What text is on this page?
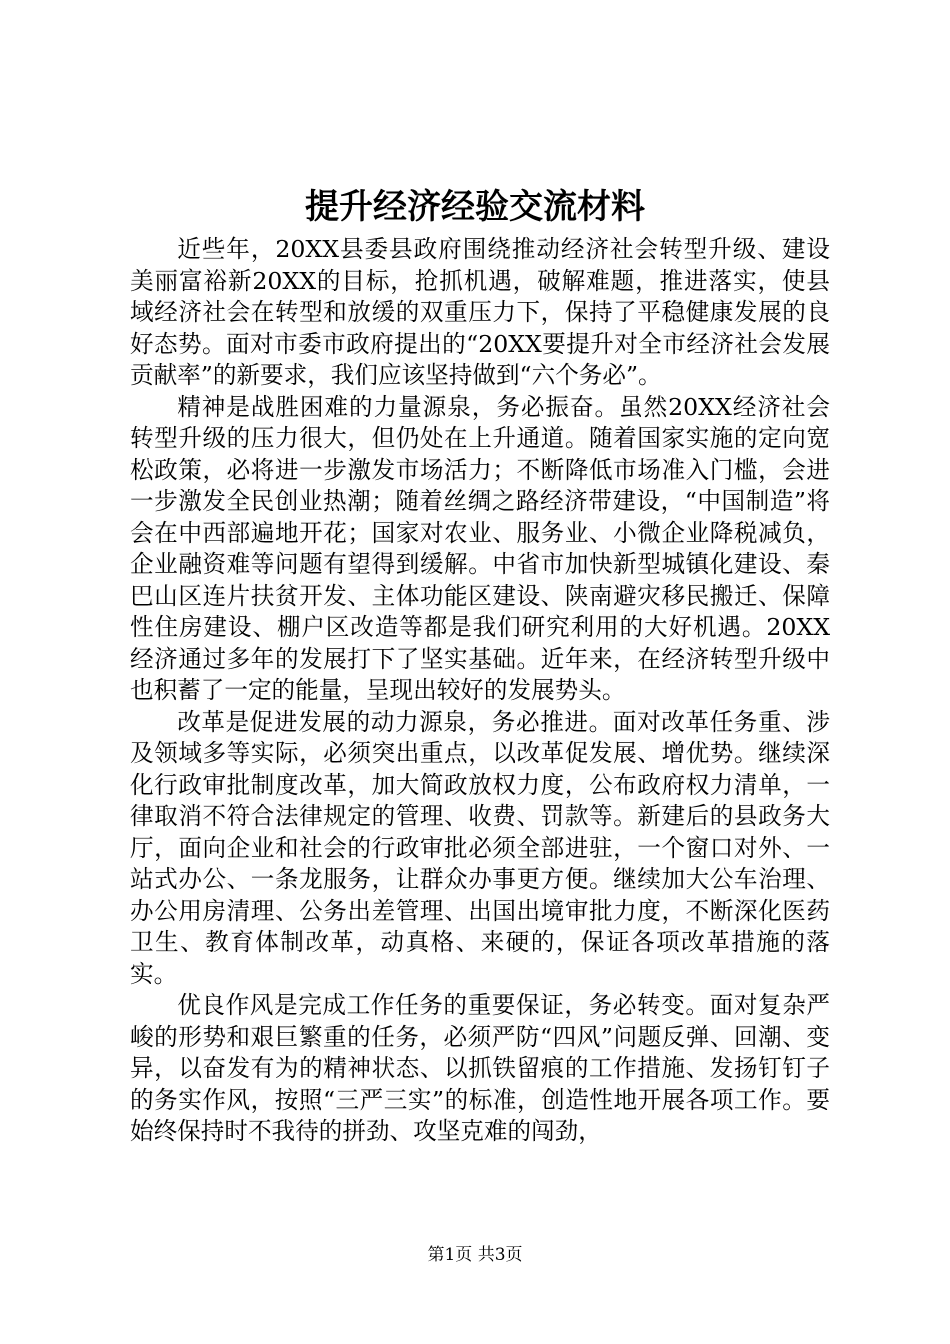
提升经济经验交流材料

近些年，20XX县委县政府围绕推动经济社会转型升级、建设美丽富裕新20XX的目标，抢抓机遇，破解难题，推进落实，使县域经济社会在转型和放缓的双重压力下，保持了平稳健康发展的良好态势。面对市委市政府提出的“20XX要提升对全市经济社会发展贡献率”的新要求，我们应该坚持做到“六个务必”。

精神是战胜困难的力量源泉，务必振奋。虽然20XX经济社会转型升级的压力很大，但仍处在上升通道。随着国家实施的定向宽松政策，必将进一步激发市场活力；不断降低市场准入门槛，会进一步激发全民创业热潮；随着丝绸之路经济带建设，“中国制造”将会在中西部遍地开花；国家对农业、服务业、小微企业降税减负，企业融资难等问题有望得到缓解。中省市加快新型城镇化建设、秦巴山区连片扶贫开发、主体功能区建设、陕南避灾移民搬迁、保障性住房建设、棚户区改造等都是我们研究利用的大好机遇。20XX经济通过多年的发展打下了坚实基础。近年来，在经济转型升级中也积蓄了一定的能量，呈现出较好的发展势头。

改革是促进发展的动力源泉，务必推进。面对改革任务重、涉及领域多等实际，必须突出重点，以改革促发展、增优势。继续深化行政审批制度改革，加大简政放权力度，公布政府权力清单，一律取消不符合法律规定的管理、收费、罚款等。新建后的县政务大厅，面向企业和社会的行政审批必须全部进驻，一个窗口对外、一站式办公、一条龙服务，让群众办事更方便。继续加大公车治理、办公用房清理、公务出差管理、出国出境审批力度，不断深化医药卫生、教育体制改革，动真格、来硬的，保证各项改革措施的落实。

优良作风是完成工作任务的重要保证，务必转变。面对复杂严峻的形势和艰巨繁重的任务，必须严防“四风”问题反弹、回潮、变异，以奋发有为的精神状态、以抓铁留痕的工作措施、发扬钉钉子的务实作风，按照“三严三实”的标准，创造性地开展各项工作。要始终保持时不我待的拼劲、攻坚克难的闯劲，

第1页 共3页
